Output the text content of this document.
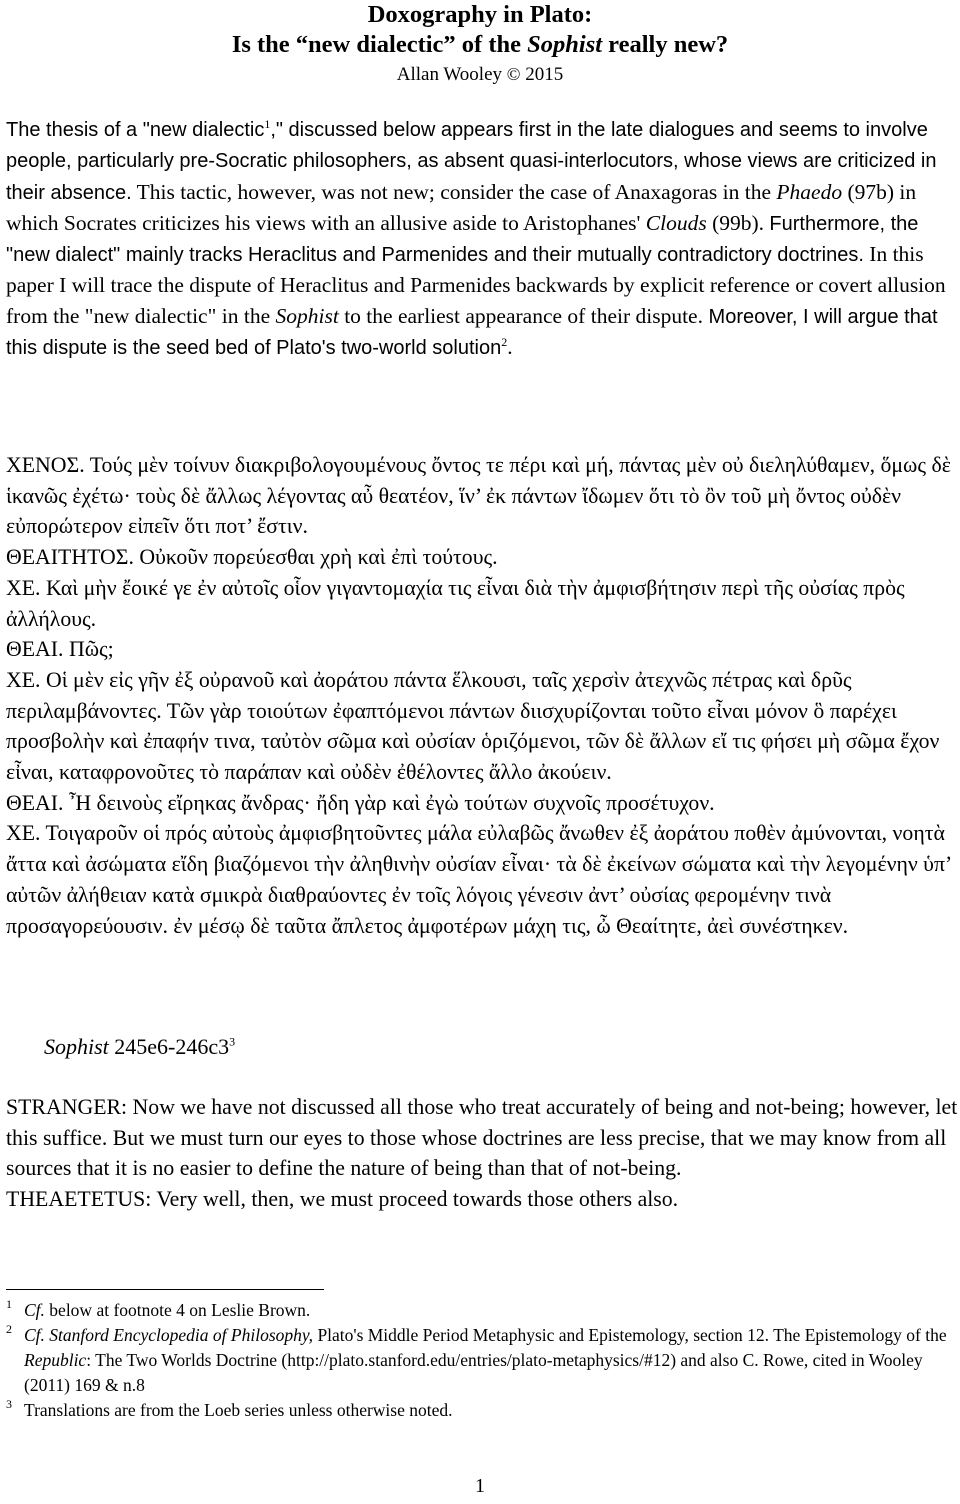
Doxography in Plato:
Is the “new dialectic” of the Sophist really new?
Allan Wooley © 2015

The thesis of a "new dialectic$^1$," discussed below appears first in the late dialogues and seems to involve people, particularly pre-Socratic philosophers, as absent quasi-interlocutors, whose views are criticized in their absence. This tactic, however, was not new; consider the case of Anaxagoras in the Phaedo (97b) in which Socrates criticizes his views with an allusive aside to Aristophanes' Clouds (99b). Furthermore, the "new dialect" mainly tracks Heraclitus and Parmenides and their mutually contradictory doctrines. In this paper I will trace the dispute of Heraclitus and Parmenides backwards by explicit reference or covert allusion from the "new dialectic" in the Sophist to the earliest appearance of their dispute. Moreover, I will argue that this dispute is the seed bed of Plato's two-world solution$^2$.

ΧΕΝΟΣ. Τούς μὲν τοίνυν διακριβολογουμένους ὄντος τε πέρι καὶ μή, πάντας μὲν οὐ διεληλύθαμεν, ὅμως δὲ ἱκανῶς ἐχέτω· τοὺς δὲ ἄλλως λέγοντας αὖ θεατέον, ἵν’ ἐκ πάντων ἴδωμεν ὅτι τὸ ὂν τοῦ μὴ ὄντος οὐδὲν εὐπορώτερον εἰπεῖν ὅτι ποτ’ ἔστιν.

ΘΕΑΙΤΗΤΟΣ. Οὐκοῦν πορεύεσθαι χρὴ καὶ ἐπὶ τούτους.

ΧΕ. Καὶ μὴν ἔοικέ γε ἐν αὐτοῖς οἷον γιγαντομαχία τις εἶναι διὰ τὴν ἀμφισβήτησιν περὶ τῆς οὐσίας πρὸς ἀλλήλους.

ΘΕΑΙ. Πῶς;

ΧΕ. Οἱ μὲν εἰς γῆν ἐξ οὐρανοῦ καὶ ἀοράτου πάντα ἕλκουσι, ταῖς χερσὶν ἀτεχνῶς πέτρας καὶ δρῦς περιλαμβάνοντες. Τῶν γὰρ τοιούτων ἐφαπτόμενοι πάντων διισχυρίζονται τοῦτο εἶναι μόνον ὃ παρέχει προσβολὴν καὶ ἐπαφήν τινα, ταὐτὸν σῶμα καὶ οὐσίαν ὁριζόμενοι, τῶν δὲ ἄλλων εἴ τις φήσει μὴ σῶμα ἔχον εἶναι, καταφρονοῦτες τὸ παράπαν καὶ οὐδὲν ἐθέλοντες ἄλλο ἀκούειν.

ΘΕΑΙ. Ἦ δεινοὺς εἴρηκας ἄνδρας· ἤδη γὰρ καὶ ἐγὼ τούτων συχνοῖς προσέτυχον.

ΧΕ. Τοιγαροῦν οἱ πρός αὐτοὺς ἀμφισβητοῦντες μάλα εὐλαβῶς ἄνωθεν ἐξ ἀοράτου ποθὲν ἀμύνονται, νοητὰ ἄττα καὶ ἀσώματα εἴδη βιαζόμενοι τὴν ἀληθινὴν οὐσίαν εἶναι· τὰ δὲ ἐκείνων σώματα καὶ τὴν λεγομένην ὑπ’ αὐτῶν ἀλήθειαν κατὰ σμικρὰ διαθραύοντες ἐν τοῖς λόγοις γένεσιν ἀντ’ οὐσίας φερομένην τινὰ προσαγορεύουσιν. ἐν μέσῳ δὲ ταῦτα ἄπλετος ἀμφοτέρων μάχη τις, ὦ Θεαίτητε, ἀεὶ συνέστηκεν.

Sophist $245e6-246c3^3$

STRANGER: Now we have not discussed all those who treat accurately of being and not-being; however, let this suffice. But we must turn our eyes to those whose doctrines are less precise, that we may know from all sources that it is no easier to define the nature of being than that of not-being.

THEAETETUS: Very well, then, we must proceed towards those others also.

1 Cf. below at footnote 4 on Leslie Brown.

2 Cf. Stanford Encyclopedia of Philosophy, Plato's Middle Period Metaphysic and Epistemology, section 12. The Epistemology of the Republic: The Two Worlds Doctrine (http://plato.stanford.edu/entries/plato-metaphysics/#12) and also C. Rowe, cited in Wooley (2011) 169 & n.8

3 Translations are from the Loeb series unless otherwise noted.

1
